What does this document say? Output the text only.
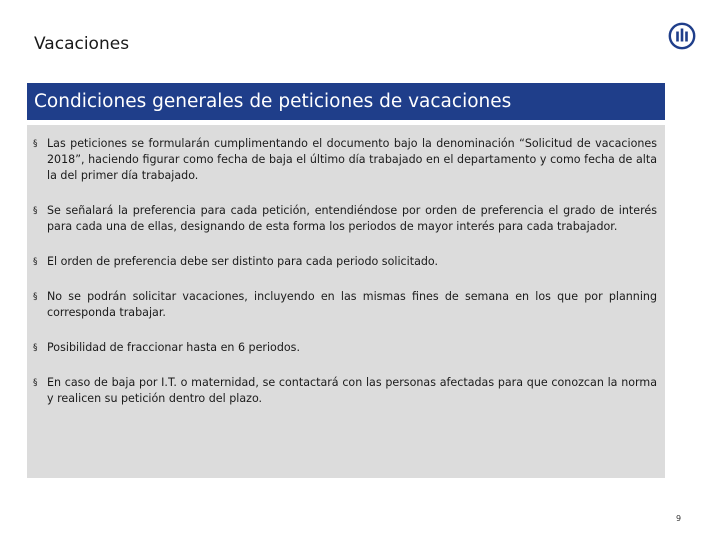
Vacaciones
Condiciones generales de peticiones de vacaciones
§ Las peticiones se formularán cumplimentando el documento bajo la denominación “Solicitud de vacaciones 2018”, haciendo figurar como fecha de baja el último día trabajado en el departamento y como fecha de alta la del primer día trabajado.
§ Se señalará la preferencia para cada petición, entendiéndose por orden de preferencia el grado de interés para cada una de ellas, designando de esta forma los periodos de mayor interés para cada trabajador.
§ El orden de preferencia debe ser distinto para cada periodo solicitado.
§ No se podrán solicitar vacaciones, incluyendo en las mismas fines de semana en los que por planning corresponda trabajar.
§ Posibilidad de fraccionar hasta en 6 periodos.
§ En caso de baja por I.T. o maternidad, se contactará con las personas afectadas para que conozcan la norma y realicen su petición dentro del plazo.
9
